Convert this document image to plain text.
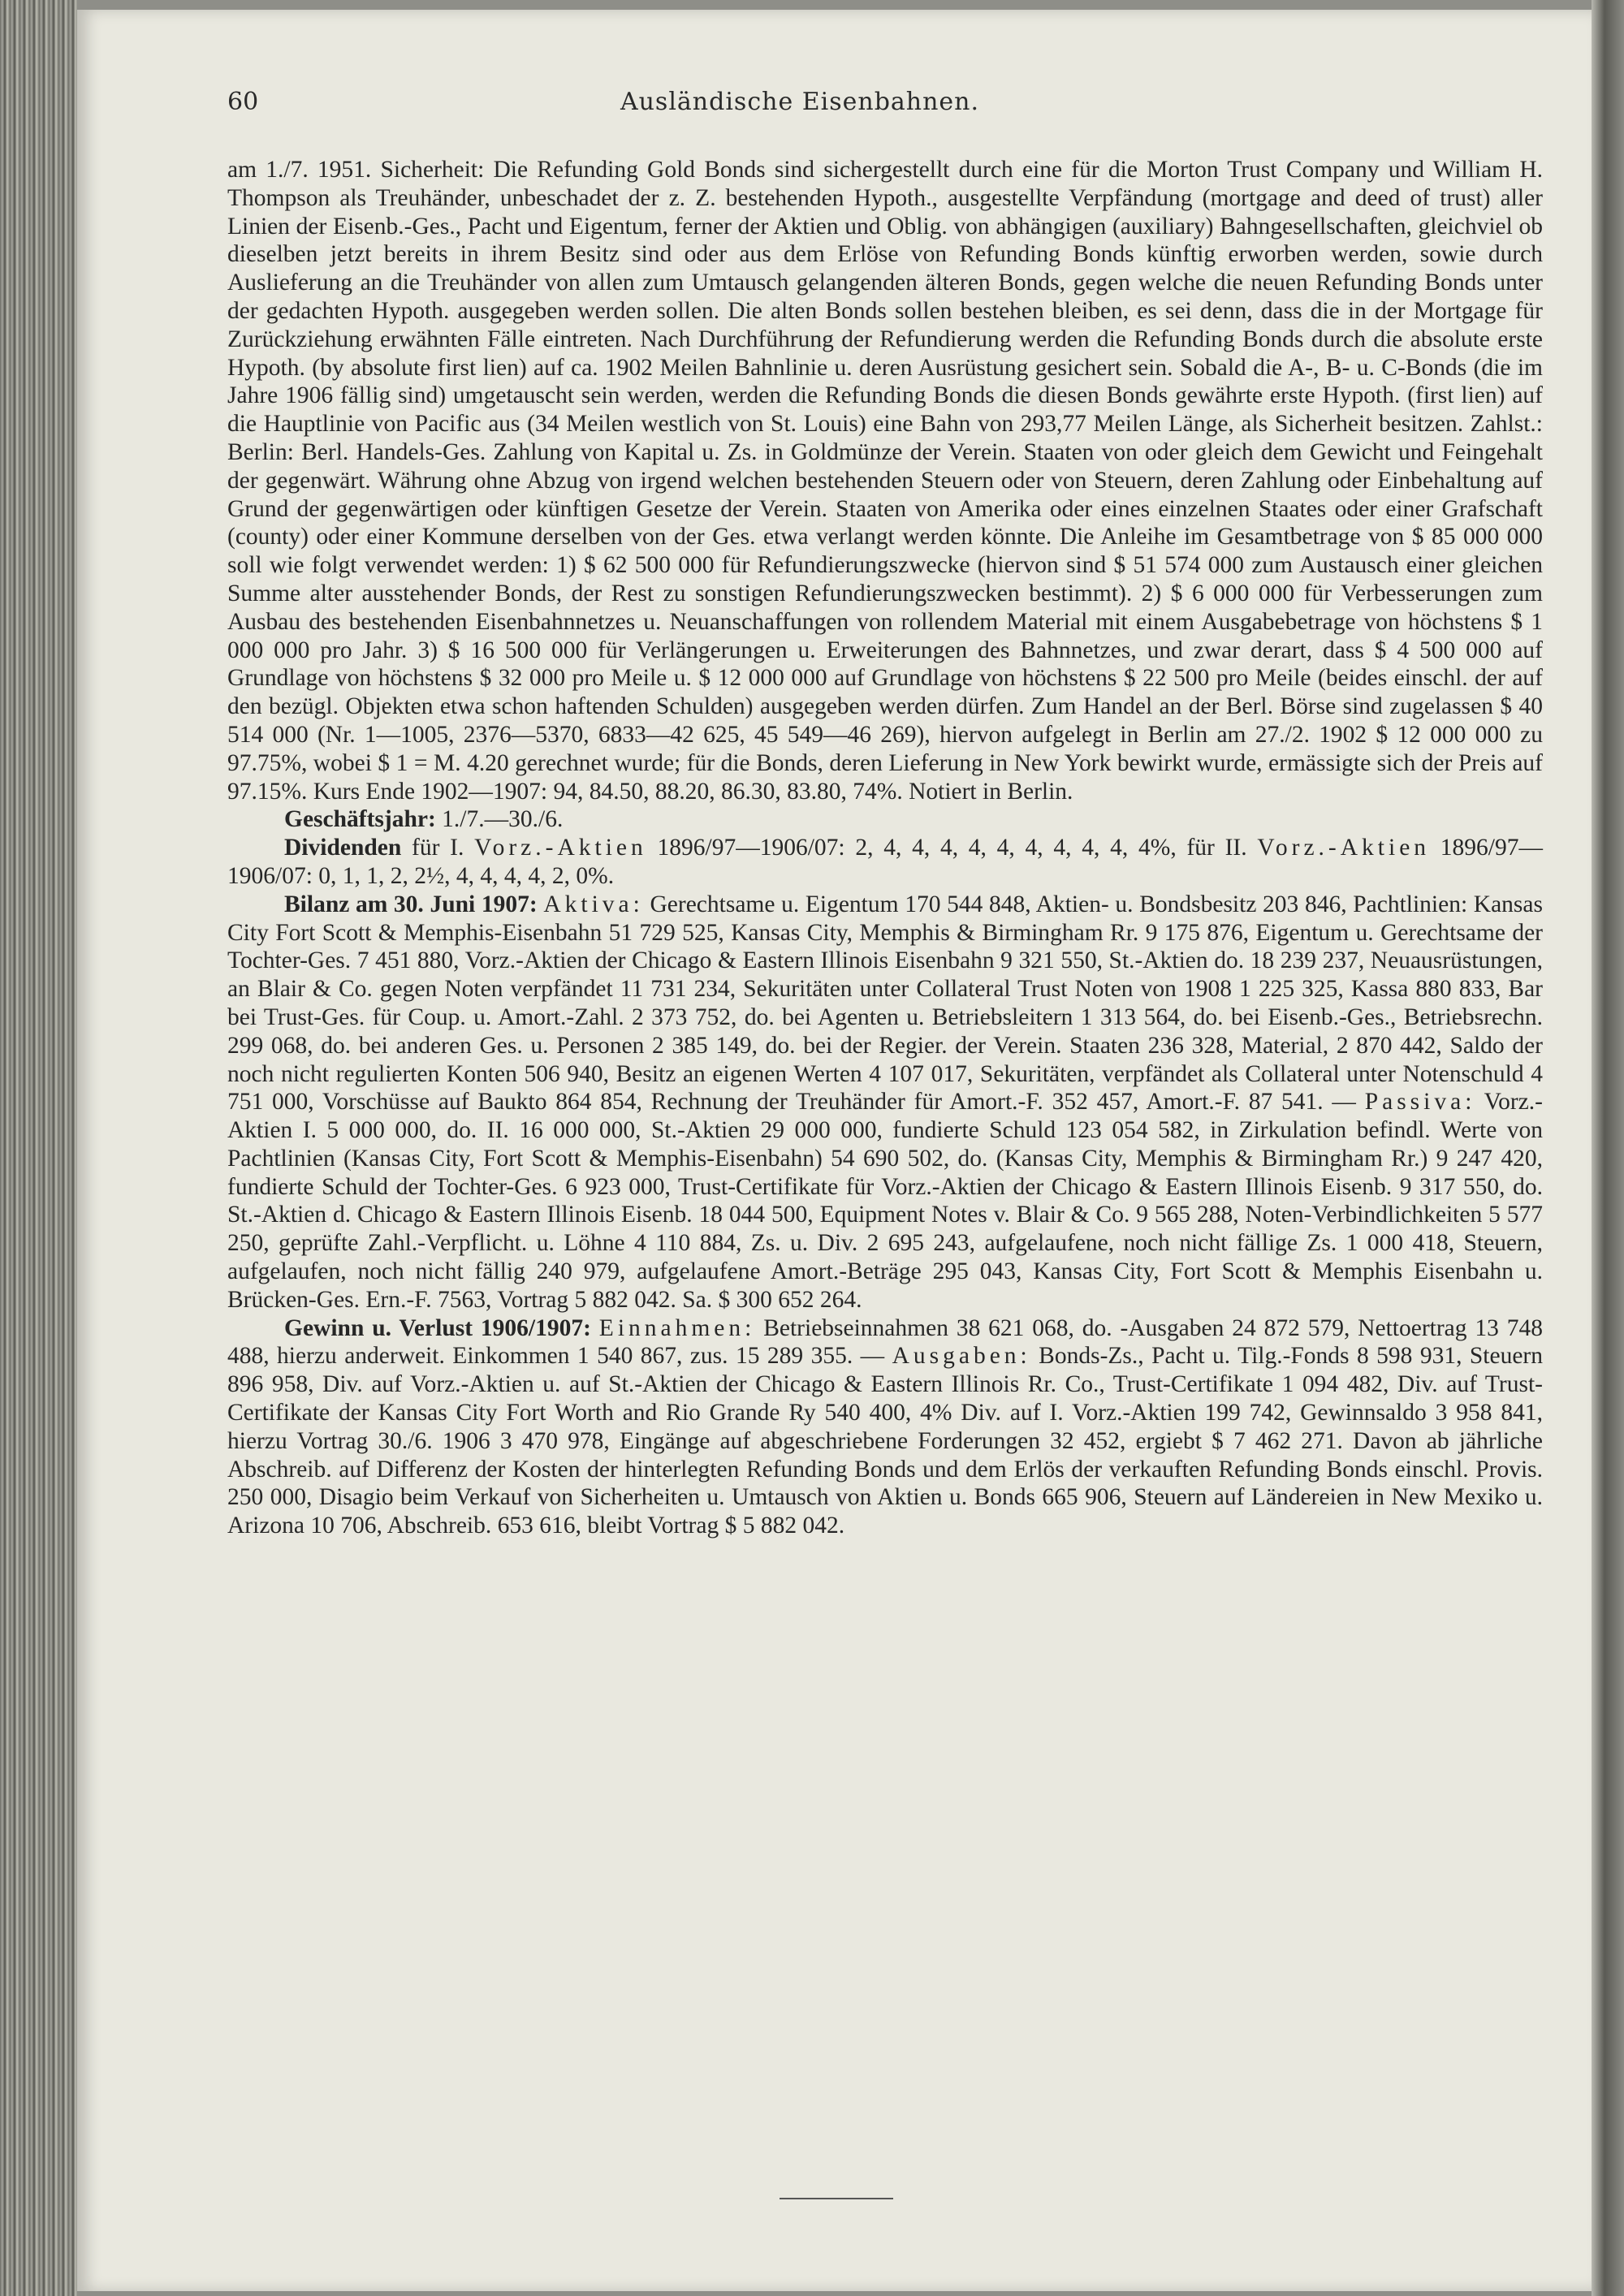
60	Ausländische Eisenbahnen.

am 1./7. 1951. Sicherheit: Die Refunding Gold Bonds sind sichergestellt durch eine für die Morton Trust Company und William H. Thompson als Treuhänder, unbeschadet der z. Z. bestehenden Hypoth., ausgestellte Verpfändung (mortgage and deed of trust) aller Linien der Eisenb.-Ges., Pacht und Eigentum, ferner der Aktien und Oblig. von abhängigen (auxiliary) Bahngesellschaften, gleichviel ob dieselben jetzt bereits in ihrem Besitz sind oder aus dem Erlöse von Refunding Bonds künftig erworben werden, sowie durch Auslieferung an die Treuhänder von allen zum Umtausch gelangenden älteren Bonds, gegen welche die neuen Refunding Bonds unter der gedachten Hypoth. ausgegeben werden sollen. Die alten Bonds sollen bestehen bleiben, es sei denn, dass die in der Mortgage für Zurückziehung erwähnten Fälle eintreten. Nach Durchführung der Refundierung werden die Refunding Bonds durch die absolute erste Hypoth. (by absolute first lien) auf ca. 1902 Meilen Bahnlinie u. deren Ausrüstung gesichert sein. Sobald die A-, B- u. C-Bonds (die im Jahre 1906 fällig sind) umgetauscht sein werden, werden die Refunding Bonds die diesen Bonds gewährte erste Hypoth. (first lien) auf die Hauptlinie von Pacific aus (34 Meilen westlich von St. Louis) eine Bahn von 293,77 Meilen Länge, als Sicherheit besitzen. Zahlst.: Berlin: Berl. Handels-Ges. Zahlung von Kapital u. Zs. in Goldmünze der Verein. Staaten von oder gleich dem Gewicht und Feingehalt der gegenwärt. Währung ohne Abzug von irgend welchen bestehenden Steuern oder von Steuern, deren Zahlung oder Einbehaltung auf Grund der gegenwärtigen oder künftigen Gesetze der Verein. Staaten von Amerika oder eines einzelnen Staates oder einer Grafschaft (county) oder einer Kommune derselben von der Ges. etwa verlangt werden könnte. Die Anleihe im Gesamtbetrage von $ 85 000 000 soll wie folgt verwendet werden: 1) $ 62 500 000 für Refundierungszwecke (hiervon sind $ 51 574 000 zum Austausch einer gleichen Summe alter ausstehender Bonds, der Rest zu sonstigen Refundierungszwecken bestimmt). 2) $ 6 000 000 für Verbesserungen zum Ausbau des bestehenden Eisenbahnnetzes u. Neuanschaffungen von rollendem Material mit einem Ausgabebetrage von höchstens $ 1 000 000 pro Jahr. 3) $ 16 500 000 für Verlängerungen u. Erweiterungen des Bahnnetzes, und zwar derart, dass $ 4 500 000 auf Grundlage von höchstens $ 32 000 pro Meile u. $ 12 000 000 auf Grundlage von höchstens $ 22 500 pro Meile (beides einschl. der auf den bezügl. Objekten etwa schon haftenden Schulden) ausgegeben werden dürfen. Zum Handel an der Berl. Börse sind zugelassen $ 40 514 000 (Nr. 1—1005, 2376—5370, 6833—42 625, 45 549—46 269), hiervon aufgelegt in Berlin am 27./2. 1902 $ 12 000 000 zu 97.75%, wobei $ 1 = M. 4.20 gerechnet wurde; für die Bonds, deren Lieferung in New York bewirkt wurde, ermässigte sich der Preis auf 97.15%. Kurs Ende 1902—1907: 94, 84.50, 88.20, 86.30, 83.80, 74%. Notiert in Berlin.

Geschäftsjahr: 1./7.—30./6.

Dividenden für I. Vorz.-Aktien 1896/97—1906/07: 2, 4, 4, 4, 4, 4, 4, 4, 4, 4, 4%, für II. Vorz.-Aktien 1896/97—1906/07: 0, 1, 1, 2, 2½, 4, 4, 4, 4, 2, 0%.

Bilanz am 30. Juni 1907: Aktiva: Gerechtsame u. Eigentum 170 544 848, Aktien- u. Bondsbesitz 203 846, Pachtlinien: Kansas City Fort Scott & Memphis-Eisenbahn 51 729 525, Kansas City, Memphis & Birmingham Rr. 9 175 876, Eigentum u. Gerechtsame der Tochter-Ges. 7 451 880, Vorz.-Aktien der Chicago & Eastern Illinois Eisenbahn 9 321 550, St.-Aktien do. 18 239 237, Neuausrüstungen, an Blair & Co. gegen Noten verpfändet 11 731 234, Sekuritäten unter Collateral Trust Noten von 1908 1 225 325, Kassa 880 833, Bar bei Trust-Ges. für Coup. u. Amort.-Zahl. 2 373 752, do. bei Agenten u. Betriebsleitern 1 313 564, do. bei Eisenb.-Ges., Betriebsrechn. 299 068, do. bei anderen Ges. u. Personen 2 385 149, do. bei der Regier. der Verein. Staaten 236 328, Material, 2 870 442, Saldo der noch nicht regulierten Konten 506 940, Besitz an eigenen Werten 4 107 017, Sekuritäten, verpfändet als Collateral unter Notenschuld 4 751 000, Vorschüsse auf Baukto 864 854, Rechnung der Treuhänder für Amort.-F. 352 457, Amort.-F. 87 541. — Passiva: Vorz.-Aktien I. 5 000 000, do. II. 16 000 000, St.-Aktien 29 000 000, fundierte Schuld 123 054 582, in Zirkulation befindl. Werte von Pachtlinien (Kansas City, Fort Scott & Memphis-Eisenbahn) 54 690 502, do. (Kansas City, Memphis & Birmingham Rr.) 9 247 420, fundierte Schuld der Tochter-Ges. 6 923 000, Trust-Certifikate für Vorz.-Aktien der Chicago & Eastern Illinois Eisenb. 9 317 550, do. St.-Aktien d. Chicago & Eastern Illinois Eisenb. 18 044 500, Equipment Notes v. Blair & Co. 9 565 288, Noten-Verbindlichkeiten 5 577 250, geprüfte Zahl.-Verpflicht. u. Löhne 4 110 884, Zs. u. Div. 2 695 243, aufgelaufene, noch nicht fällige Zs. 1 000 418, Steuern, aufgelaufen, noch nicht fällig 240 979, aufgelaufene Amort.-Beträge 295 043, Kansas City, Fort Scott & Memphis Eisenbahn u. Brücken-Ges. Ern.-F. 7563, Vortrag 5 882 042. Sa. $ 300 652 264.

Gewinn u. Verlust 1906/1907: Einnahmen: Betriebseinnahmen 38 621 068, do. -Ausgaben 24 872 579, Nettoertrag 13 748 488, hierzu anderweit. Einkommen 1 540 867, zus. 15 289 355. — Ausgaben: Bonds-Zs., Pacht u. Tilg.-Fonds 8 598 931, Steuern 896 958, Div. auf Vorz.-Aktien u. auf St.-Aktien der Chicago & Eastern Illinois Rr. Co., Trust-Certifikate 1 094 482, Div. auf Trust-Certifikate der Kansas City Fort Worth and Rio Grande Ry 540 400, 4% Div. auf I. Vorz.-Aktien 199 742, Gewinnsaldo 3 958 841, hierzu Vortrag 30./6. 1906 3 470 978, Eingänge auf abgeschriebene Forderungen 32 452, ergiebt $ 7 462 271. Davon ab jährliche Abschreib. auf Differenz der Kosten der hinterlegten Refunding Bonds und dem Erlös der verkauften Refunding Bonds einschl. Provis. 250 000, Disagio beim Verkauf von Sicherheiten u. Umtausch von Aktien u. Bonds 665 906, Steuern auf Ländereien in New Mexiko u. Arizona 10 706, Abschreib. 653 616, bleibt Vortrag $ 5 882 042.
